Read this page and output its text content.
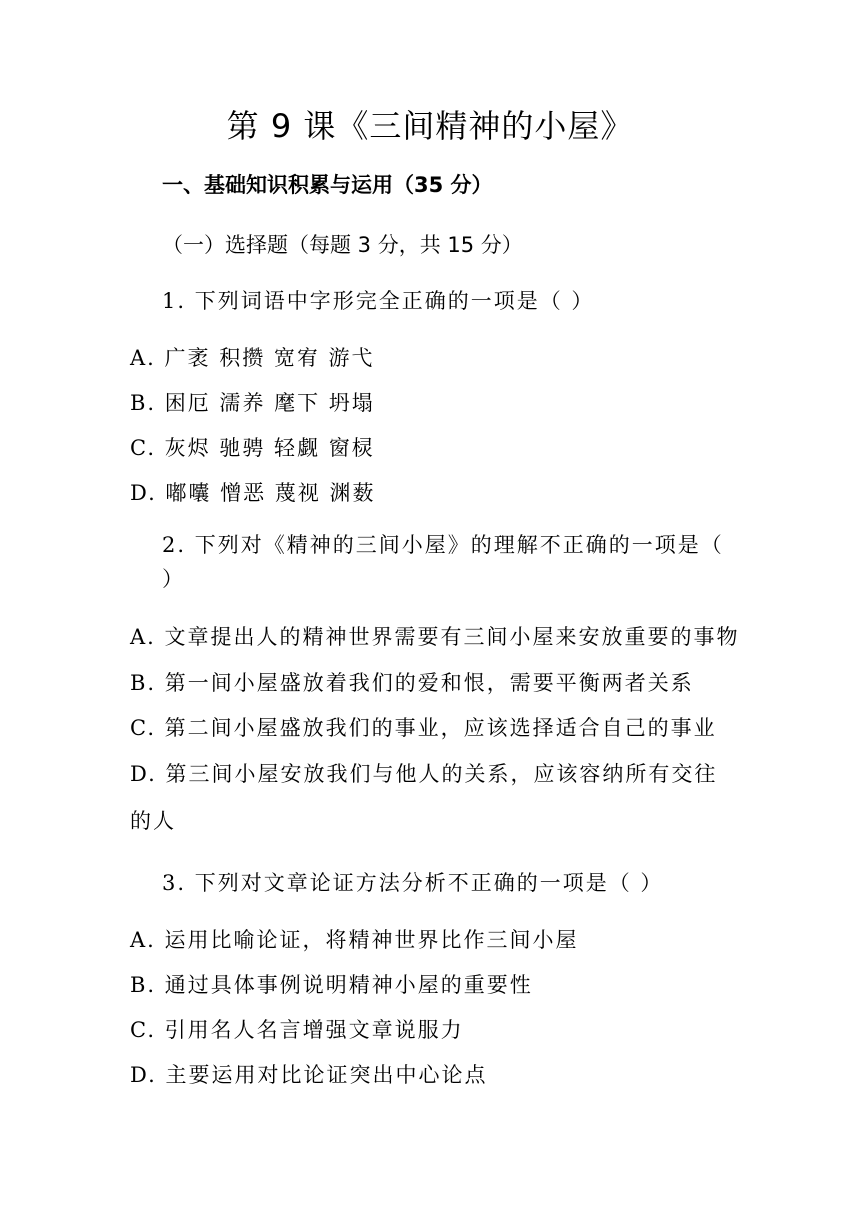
第 9 课《三间精神的小屋》
一、基础知识积累与运用（35 分）
（一）选择题（每题 3 分，共 15 分）

1. 下列词语中字形完全正确的一项是（ ）

A. 广袤 积攒 宽宥 游弋

B. 困厄 濡养 麾下 坍塌

C. 灰烬 驰骋 轻觑 窗棂

D. 嘟囔 憎恶 蔑视 渊薮

2. 下列对《精神的三间小屋》的理解不正确的一项是（ ）

A. 文章提出人的精神世界需要有三间小屋来安放重要的事物

B. 第一间小屋盛放着我们的爱和恨，需要平衡两者关系

C. 第二间小屋盛放我们的事业，应该选择适合自己的事业

D. 第三间小屋安放我们与他人的关系，应该容纳所有交往的人

3. 下列对文章论证方法分析不正确的一项是（ ）

A. 运用比喻论证，将精神世界比作三间小屋

B. 通过具体事例说明精神小屋的重要性

C. 引用名人名言增强文章说服力

D. 主要运用对比论证突出中心论点
